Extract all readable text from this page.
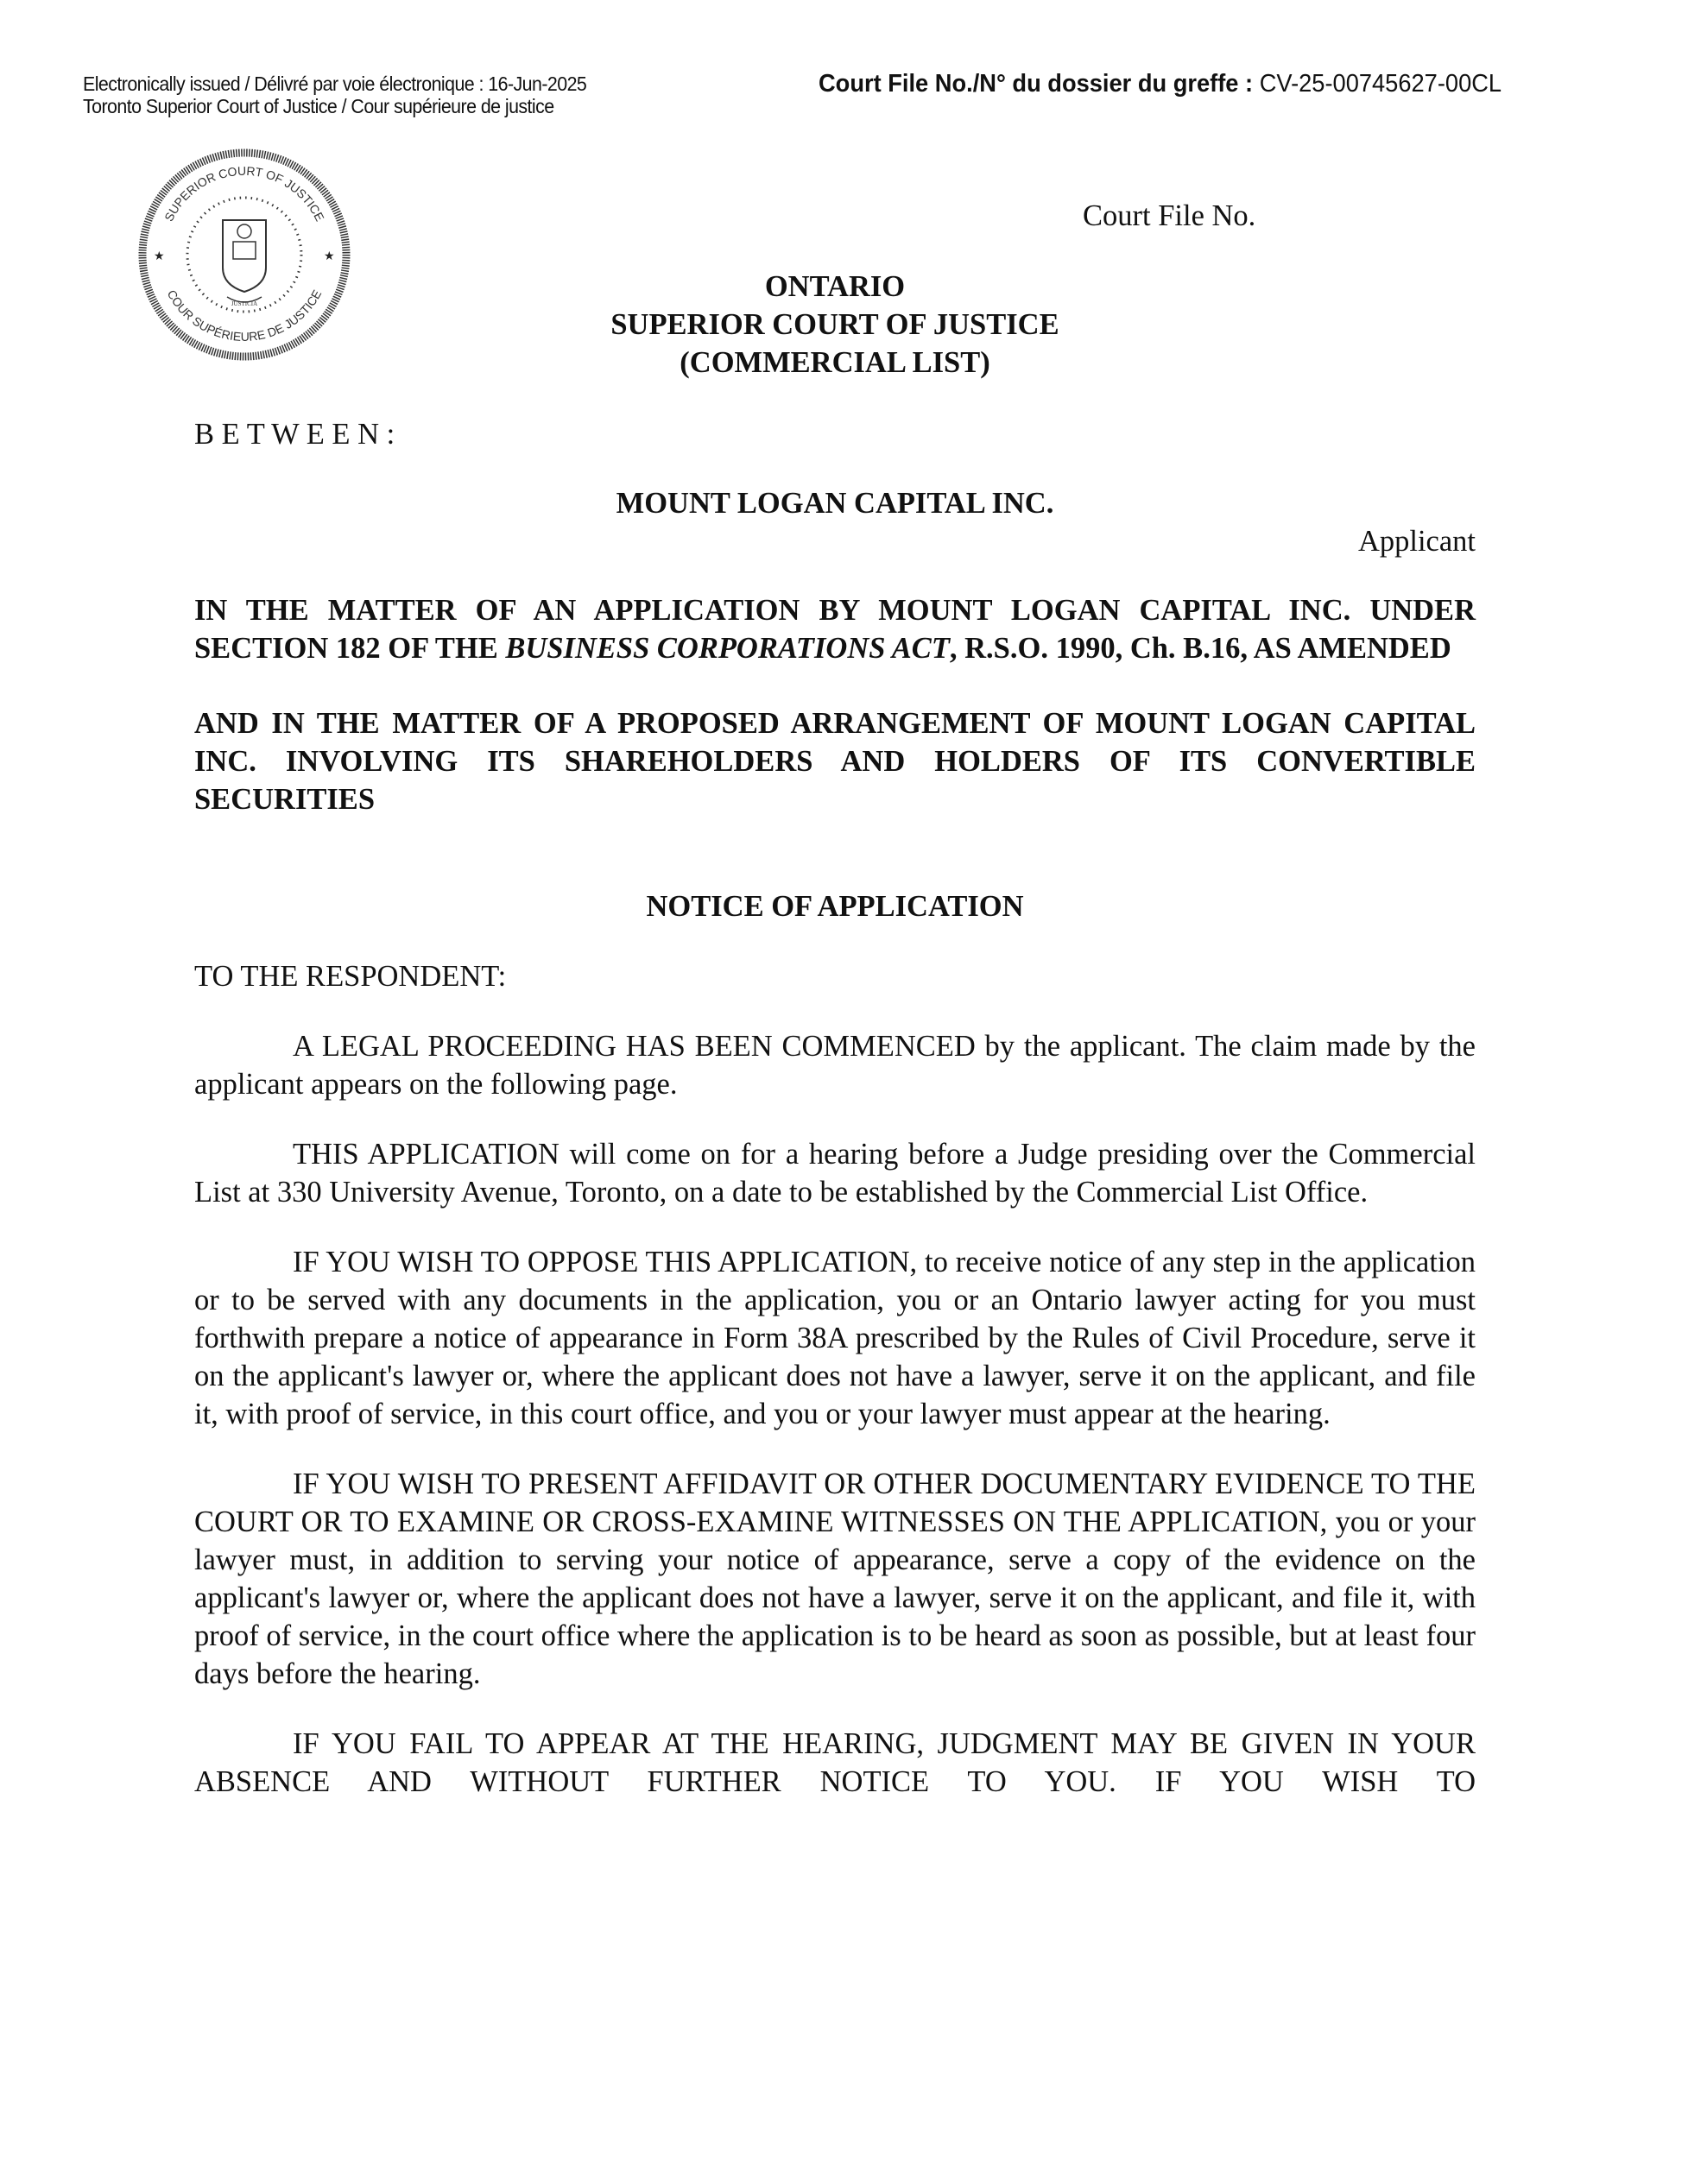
Electronically issued / Délivré par voie électronique : 16-Jun-2025
Toronto Superior Court of Justice / Cour supérieure de justice
Court File No./N° du dossier du greffe : CV-25-00745627-00CL
SUPERIOR COURT OF JUSTICE
COUR SUPÉRIEURE DE JUSTICE
★	★
JUSTICIA
Court File No.
ONTARIO
SUPERIOR COURT OF JUSTICE
(COMMERCIAL LIST)
B E T W E E N :
MOUNT LOGAN CAPITAL INC.
Applicant
IN THE MATTER OF AN APPLICATION BY MOUNT LOGAN CAPITAL INC. UNDER SECTION 182 OF THE BUSINESS CORPORATIONS ACT, R.S.O. 1990, Ch. B.16, AS AMENDED
AND IN THE MATTER OF A PROPOSED ARRANGEMENT OF MOUNT LOGAN CAPITAL INC. INVOLVING ITS SHAREHOLDERS AND HOLDERS OF ITS CONVERTIBLE SECURITIES
NOTICE OF APPLICATION
TO THE RESPONDENT:
A LEGAL PROCEEDING HAS BEEN COMMENCED by the applicant. The claim made by the applicant appears on the following page.
THIS APPLICATION will come on for a hearing before a Judge presiding over the Commercial List at 330 University Avenue, Toronto, on a date to be established by the Commercial List Office.
IF YOU WISH TO OPPOSE THIS APPLICATION, to receive notice of any step in the application or to be served with any documents in the application, you or an Ontario lawyer acting for you must forthwith prepare a notice of appearance in Form 38A prescribed by the Rules of Civil Procedure, serve it on the applicant's lawyer or, where the applicant does not have a lawyer, serve it on the applicant, and file it, with proof of service, in this court office, and you or your lawyer must appear at the hearing.
IF YOU WISH TO PRESENT AFFIDAVIT OR OTHER DOCUMENTARY EVIDENCE TO THE COURT OR TO EXAMINE OR CROSS-EXAMINE WITNESSES ON THE APPLICATION, you or your lawyer must, in addition to serving your notice of appearance, serve a copy of the evidence on the applicant's lawyer or, where the applicant does not have a lawyer, serve it on the applicant, and file it, with proof of service, in the court office where the application is to be heard as soon as possible, but at least four days before the hearing.
IF YOU FAIL TO APPEAR AT THE HEARING, JUDGMENT MAY BE GIVEN IN YOUR ABSENCE AND WITHOUT FURTHER NOTICE TO YOU. IF YOU WISH TO
